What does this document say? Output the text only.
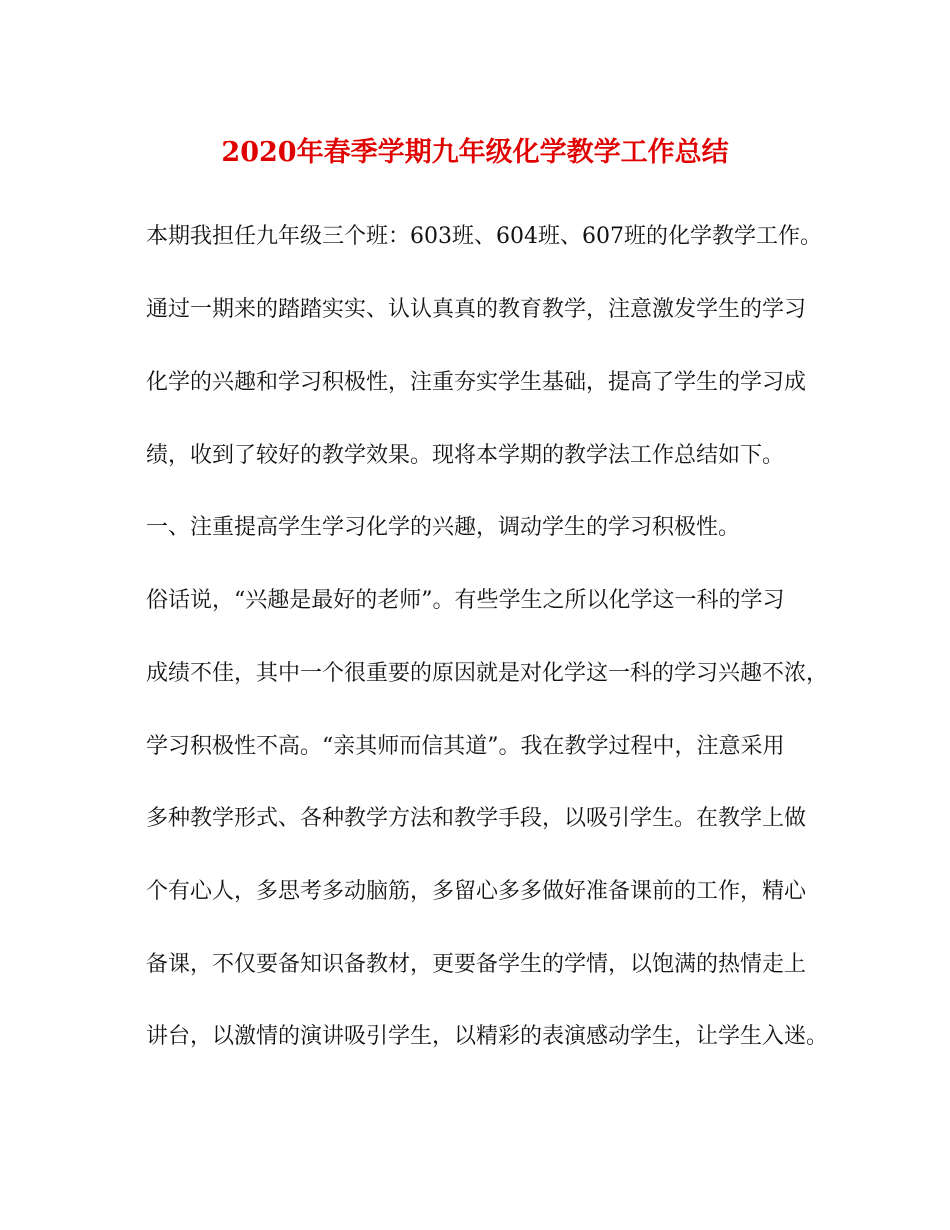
2020年春季学期九年级化学教学工作总结
本期我担任九年级三个班：603班、604班、607班的化学教学工作。
通过一期来的踏踏实实、认认真真的教育教学，注意激发学生的学习
化学的兴趣和学习积极性，注重夯实学生基础，提高了学生的学习成
绩，收到了较好的教学效果。现将本学期的教学法工作总结如下。
一、注重提高学生学习化学的兴趣，调动学生的学习积极性。
俗话说，“兴趣是最好的老师”。有些学生之所以化学这一科的学习
成绩不佳，其中一个很重要的原因就是对化学这一科的学习兴趣不浓，
学习积极性不高。“亲其师而信其道”。我在教学过程中，注意采用
多种教学形式、各种教学方法和教学手段，以吸引学生。在教学上做
个有心人，多思考多动脑筋，多留心多多做好准备课前的工作，精心
备课，不仅要备知识备教材，更要备学生的学情，以饱满的热情走上
讲台，以激情的演讲吸引学生，以精彩的表演感动学生，让学生入迷。
